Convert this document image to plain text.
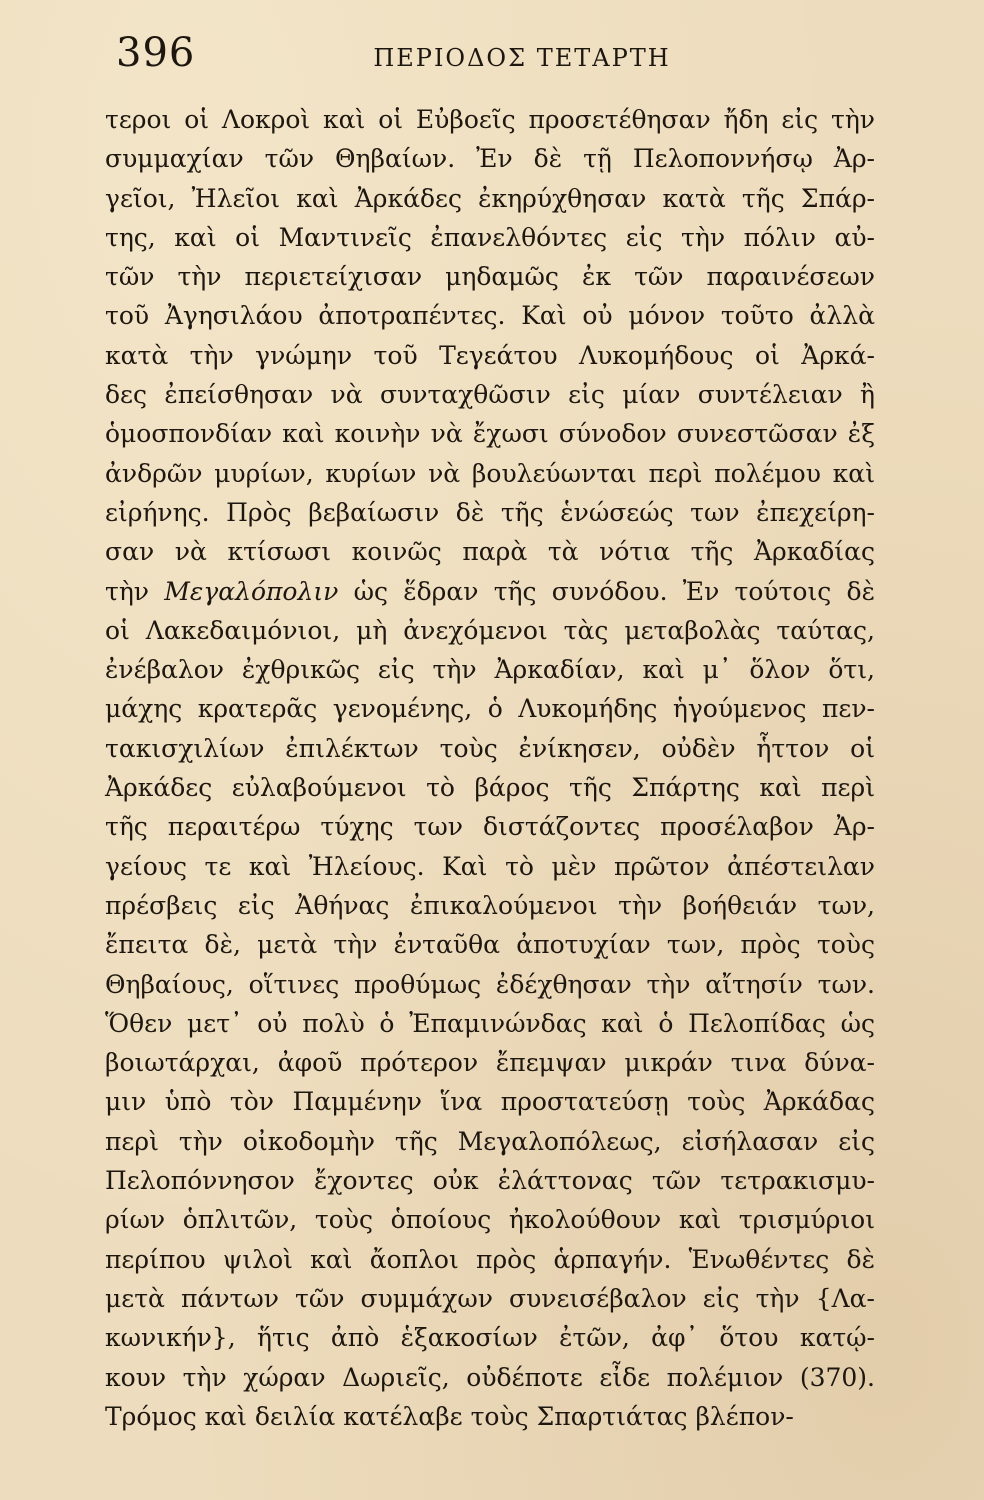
396	ΠΕΡΙΟΔΟΣ ΤΕΤΑΡΤΗ
τεροι οἱ Λοκροὶ καὶ οἱ Εὐβοεῖς προσετέθησαν ἤδη εἰς τὴν
συμμαχίαν τῶν Θηβαίων. Ἐν δὲ τῇ Πελοποννήσῳ Ἀρ-
γεῖοι, Ἠλεῖοι καὶ Ἀρκάδες ἐκηρύχθησαν κατὰ τῆς Σπάρ-
της, καὶ οἱ Μαντινεῖς ἐπανελθόντες εἰς τὴν πόλιν αὐ-
τῶν τὴν περιετείχισαν μηδαμῶς ἐκ τῶν παραινέσεων
τοῦ Ἀγησιλάου ἀποτραπέντες. Καὶ οὐ μόνον τοῦτο ἀλλὰ
κατὰ τὴν γνώμην τοῦ Τεγεάτου Λυκομήδους οἱ Ἀρκά-
δες ἐπείσθησαν νὰ συνταχθῶσιν εἰς μίαν συντέλειαν ἢ
ὁμοσπονδίαν καὶ κοινὴν νὰ ἔχωσι σύνοδον συνεστῶσαν ἐξ
ἀνδρῶν μυρίων, κυρίων νὰ βουλεύωνται περὶ πολέμου καὶ
εἰρήνης. Πρὸς βεβαίωσιν δὲ τῆς ἑνώσεώς των ἐπεχείρη-
σαν νὰ κτίσωσι κοινῶς παρὰ τὰ νότια τῆς Ἀρκαδίας
τὴν Μεγαλόπολιν ὡς ἕδραν τῆς συνόδου. Ἐν τούτοις δὲ
οἱ Λακεδαιμόνιοι, μὴ ἀνεχόμενοι τὰς μεταβολὰς ταύτας,
ἐνέβαλον ἐχθρικῶς εἰς τὴν Ἀρκαδίαν, καὶ μ᾽ ὅλον ὅτι,
μάχης κρατερᾶς γενομένης, ὁ Λυκομήδης ἡγούμενος πεν-
τακισχιλίων ἐπιλέκτων τοὺς ἐνίκησεν, οὐδὲν ἧττον οἱ
Ἀρκάδες εὐλαβούμενοι τὸ βάρος τῆς Σπάρτης καὶ περὶ
τῆς περαιτέρω τύχης των διστάζοντες προσέλαβον Ἀρ-
γείους τε καὶ Ἠλείους. Καὶ τὸ μὲν πρῶτον ἀπέστειλαν
πρέσβεις εἰς Ἀθήνας ἐπικαλούμενοι τὴν βοήθειάν των,
ἔπειτα δὲ, μετὰ τὴν ἐνταῦθα ἀποτυχίαν των, πρὸς τοὺς
Θηβαίους, οἵτινες προθύμως ἐδέχθησαν τὴν αἴτησίν των.
Ὅθεν μετ᾽ οὐ πολὺ ὁ Ἐπαμινώνδας καὶ ὁ Πελοπίδας ὡς
βοιωτάρχαι, ἀφοῦ πρότερον ἔπεμψαν μικράν τινα δύνα-
μιν ὑπὸ τὸν Παμμένην ἵνα προστατεύσῃ τοὺς Ἀρκάδας
περὶ τὴν οἰκοδομὴν τῆς Μεγαλοπόλεως, εἰσήλασαν εἰς
Πελοπόννησον ἔχοντες οὐκ ἐλάττονας τῶν τετρακισμυ-
ρίων ὁπλιτῶν, τοὺς ὁποίους ἠκολούθουν καὶ τρισμύριοι
περίπου ψιλοὶ καὶ ἄοπλοι πρὸς ἁρπαγήν. Ἑνωθέντες δὲ
μετὰ πάντων τῶν συμμάχων συνεισέβαλον εἰς τὴν {Λα-
κωνικήν}, ἥτις ἀπὸ ἑξακοσίων ἐτῶν, ἀφ᾽ ὅτου κατῴ-
κουν τὴν χώραν Δωριεῖς, οὐδέποτε εἶδε πολέμιον (370).
Τρόμος καὶ δειλία κατέλαβε τοὺς Σπαρτιάτας βλέπον-
